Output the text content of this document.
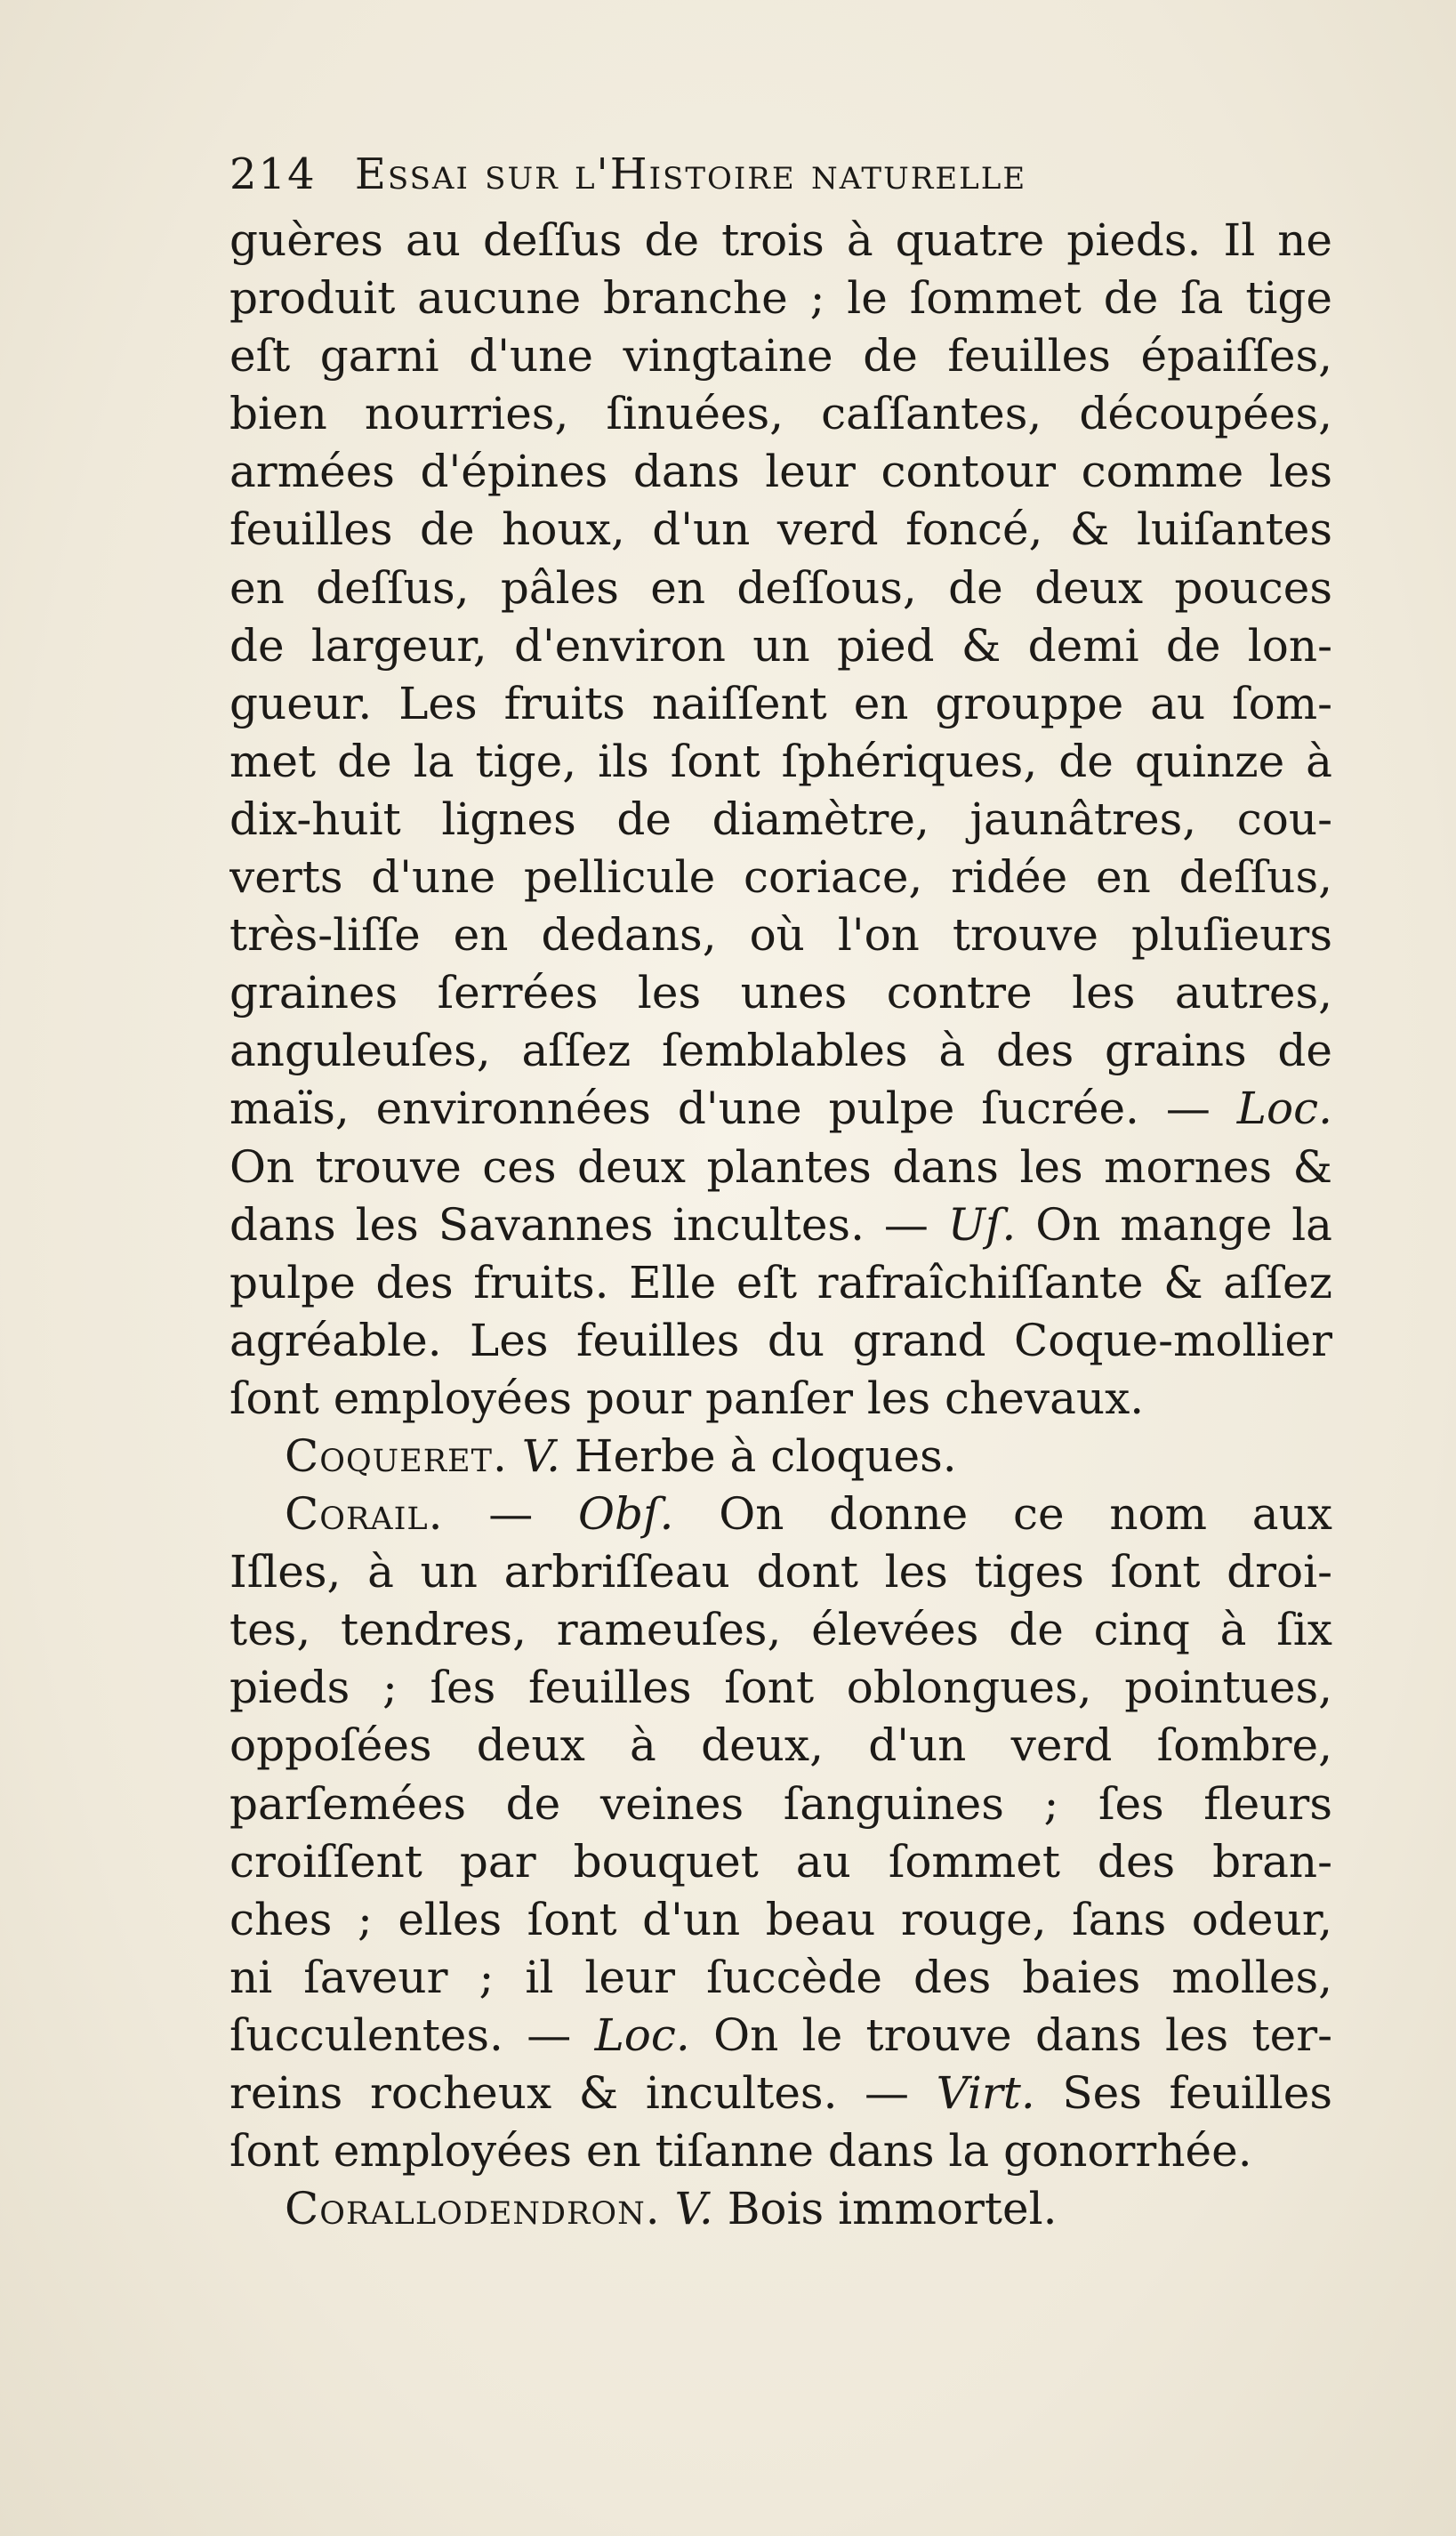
214 Essai sur l'Histoire naturelle
guères au deſſus de trois à quatre pieds. Il ne
produit aucune branche ; le ſommet de ſa tige
eſt garni d'une vingtaine de feuilles épaiſſes,
bien nourries, ſinuées, caſſantes, découpées,
armées d'épines dans leur contour comme les
feuilles de houx, d'un verd foncé, & luiſantes
en deſſus, pâles en deſſous, de deux pouces
de largeur, d'environ un pied & demi de lon-
gueur. Les fruits naiſſent en grouppe au ſom-
met de la tige, ils ſont ſphériques, de quinze à
dix-huit lignes de diamètre, jaunâtres, cou-
verts d'une pellicule coriace, ridée en deſſus,
très-liſſe en dedans, où l'on trouve pluſieurs
graines ſerrées les unes contre les autres,
anguleuſes, aſſez ſemblables à des grains de
maïs, environnées d'une pulpe ſucrée. — Loc.
On trouve ces deux plantes dans les mornes &
dans les Savannes incultes. — Uſ. On mange la
pulpe des fruits. Elle eſt rafraîchiſſante & aſſez
agréable. Les feuilles du grand Coque-mollier
ſont employées pour panſer les chevaux.
Coqueret. V. Herbe à cloques.
Corail. — Obſ. On donne ce nom aux
Iſles, à un arbriſſeau dont les tiges ſont droi-
tes, tendres, rameuſes, élevées de cinq à ſix
pieds ; ſes feuilles ſont oblongues, pointues,
oppoſées deux à deux, d'un verd ſombre,
parſemées de veines ſanguines ; ſes fleurs
croiſſent par bouquet au ſommet des bran-
ches ; elles ſont d'un beau rouge, ſans odeur,
ni ſaveur ; il leur ſuccède des baies molles,
ſucculentes. — Loc. On le trouve dans les ter-
reins rocheux & incultes. — Virt. Ses feuilles
ſont employées en tiſanne dans la gonorrhée.
Corallodendron. V. Bois immortel.
